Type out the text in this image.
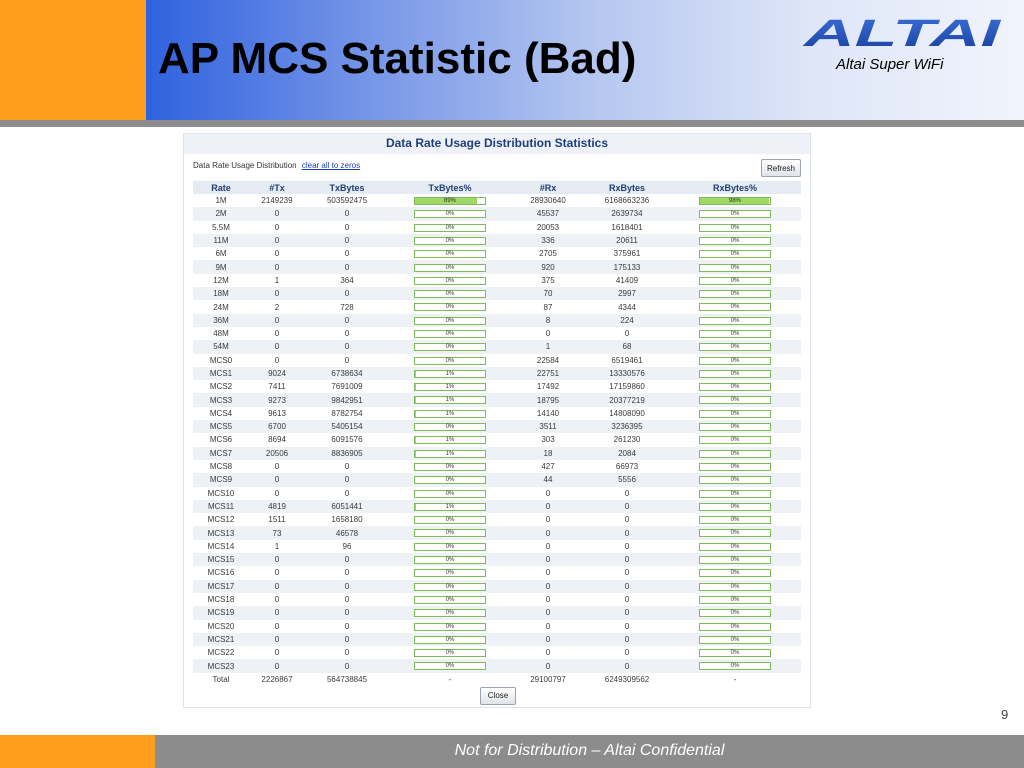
AP MCS Statistic (Bad)	ALTAI
Altai Super WiFi
Data Rate Usage Distribution Statistics
Data Rate Usage Distribution clear all to zeros	Refresh
Rate	#Tx	TxBytes	TxBytes%	#Rx	RxBytes	RxBytes%
1M	2149239	503592475	89%	28930640	6168663236	98%

2M	0	0	0%	45537	2639734	0%

5.5M	0	0	0%	20053	1618401	0%

11M	0	0	0%	336	20611	0%

6M	0	0	0%	2705	375961	0%

9M	0	0	0%	920	175133	0%

12M	1	364	0%	375	41409	0%

18M	0	0	0%	70	2997	0%

24M	2	728	0%	87	4344	0%

36M	0	0	0%	8	224	0%

48M	0	0	0%	0	0	0%

54M	0	0	0%	1	68	0%

MCS0	0	0	0%	22584	6519461	0%

MCS1	9024	6738634	1%	22751	13330576	0%

MCS2	7411	7691009	1%	17492	17159860	0%

MCS3	9273	9842951	1%	18795	20377219	0%

MCS4	9613	8782754	1%	14140	14808090	0%

MCS5	6700	5405154	0%	3511	3236395	0%

MCS6	8694	6091576	1%	303	261230	0%

MCS7	20506	8836905	1%	18	2084	0%

MCS8	0	0	0%	427	66973	0%

MCS9	0	0	0%	44	5556	0%

MCS10	0	0	0%	0	0	0%

MCS11	4819	6051441	1%	0	0	0%

MCS12	1511	1658180	0%	0	0	0%

MCS13	73	46578	0%	0	0	0%

MCS14	1	96	0%	0	0	0%

MCS15	0	0	0%	0	0	0%

MCS16	0	0	0%	0	0	0%

MCS17	0	0	0%	0	0	0%

MCS18	0	0	0%	0	0	0%

MCS19	0	0	0%	0	0	0%

MCS20	0	0	0%	0	0	0%

MCS21	0	0	0%	0	0	0%

MCS22	0	0	0%	0	0	0%

MCS23	0	0	0%	0	0	0%

Total	2226867	564738845	-	29100797	6249309562	-
Close
9
Not for Distribution – Altai Confidential
